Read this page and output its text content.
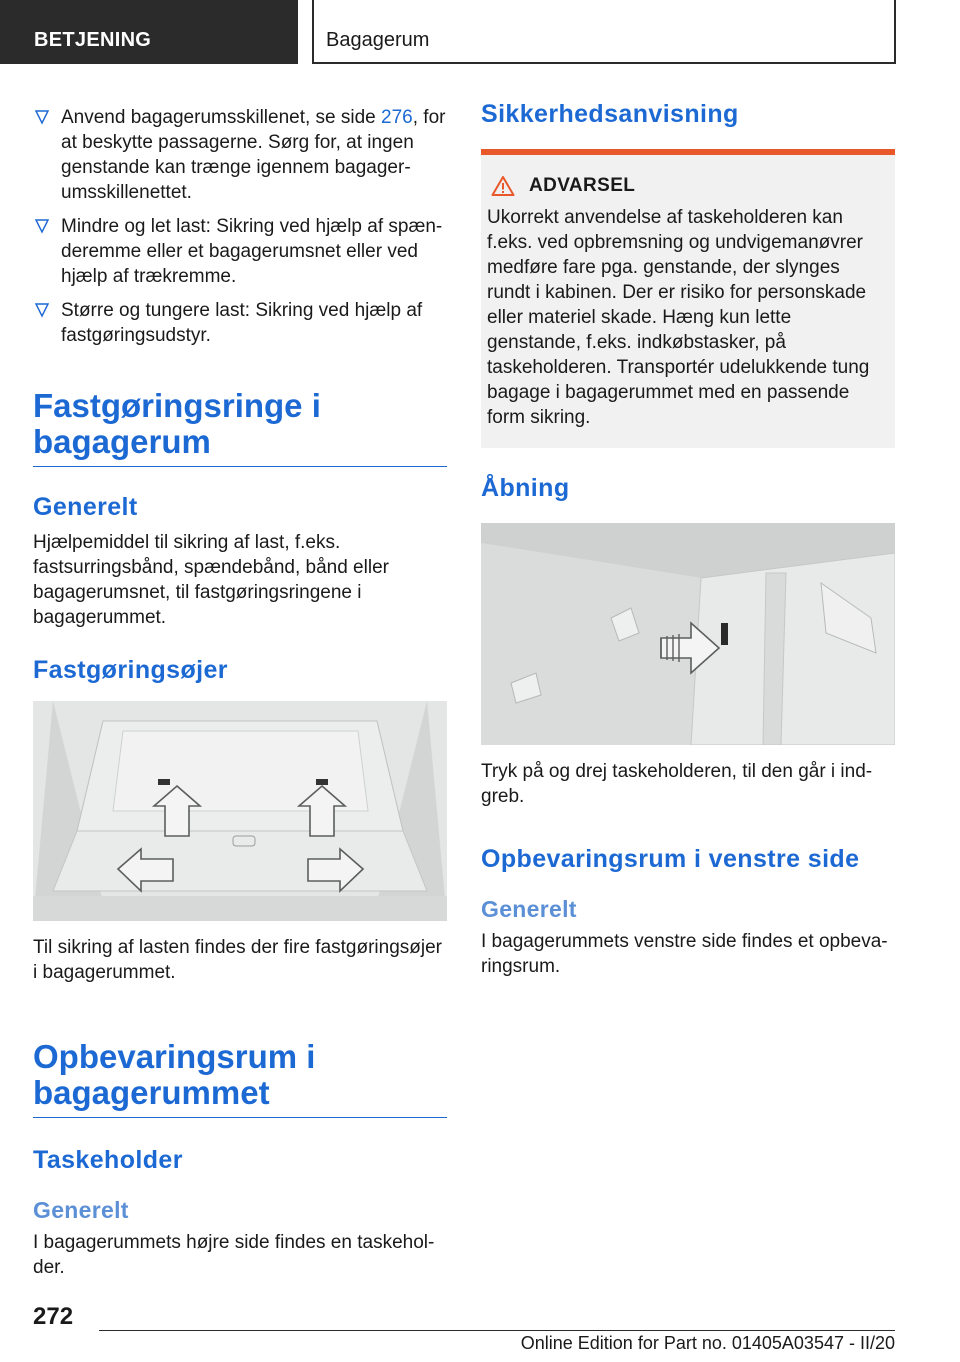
BETJENING	Bagagerum
Anvend bagagerumsskillenet, se side 276, for at beskytte passagerne. Sørg for, at ingen genstande kan trænge igennem bagagerumsskillenettet.
Mindre og let last: Sikring ved hjælp af spænderemme eller et bagagerumsnet eller ved hjælp af trækremme.
Større og tungere last: Sikring ved hjælp af fastgøringsudstyr.
Fastgøringsringe i bagagerum
Generelt
Hjælpemiddel til sikring af last, f.eks. fastsurringsbånd, spændebånd, bånd eller bagagerumsnet, til fastgøringsringene i bagagerummet.
Fastgøringsøjer
Til sikring af lasten findes der fire fastgøringsøjer i bagagerummet.
Opbevaringsrum i bagagerummet
Taskeholder
Generelt
I bagagerummets højre side findes en taskeholder.
Sikkerhedsanvisning
ADVARSEL
Ukorrekt anvendelse af taskeholderen kan f.eks. ved opbremsning og undvigemanøvrer medføre fare pga. genstande, der slynges rundt i kabinen. Der er risiko for personskade eller materiel skade. Hæng kun lette genstande, f.eks. indkøbstasker, på taskeholderen. Transportér udelukkende tung bagage i bagagerummet med en passende form sikring.
Åbning
Tryk på og drej taskeholderen, til den går i indgreb.
Opbevaringsrum i venstre side
Generelt
I bagagerummets venstre side findes et opbevaringsrum.
272
Online Edition for Part no. 01405A03547 - II/20
